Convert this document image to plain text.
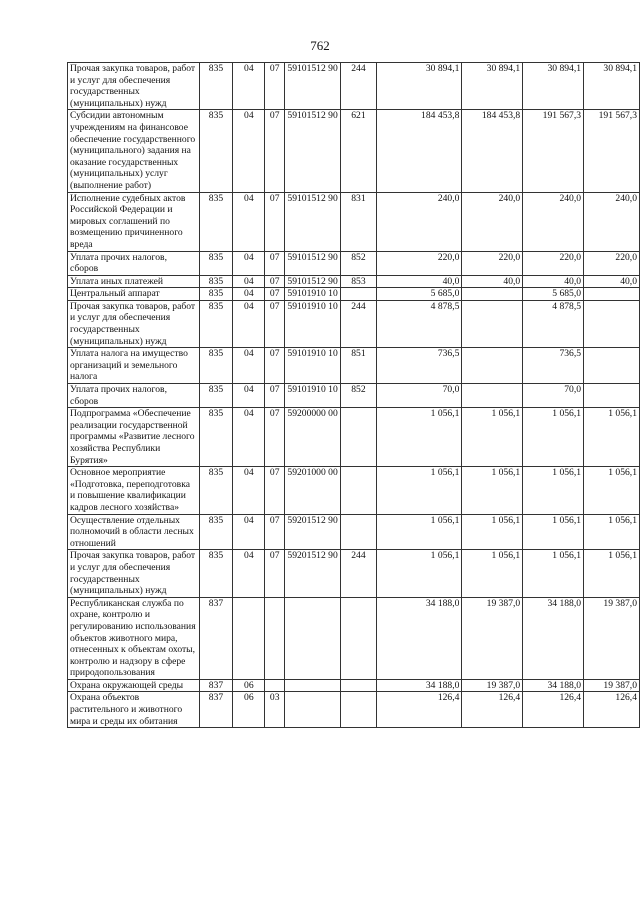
762
Прочая закупка товаров, работ и услуг для обеспечения государственных (муниципальных) нужд	835	04	07	59101512 90	244	30 894,1	30 894,1	30 894,1	30 894,1
Субсидии автономным учреждениям на финансовое обеспечение государственного (муниципального) задания на оказание государственных (муниципальных) услуг (выполнение работ)	835	04	07	59101512 90	621	184 453,8	184 453,8	191 567,3	191 567,3
Исполнение судебных актов Российской Федерации и мировых соглашений по возмещению причиненного вреда	835	04	07	59101512 90	831	240,0	240,0	240,0	240,0
Уплата прочих налогов, сборов	835	04	07	59101512 90	852	220,0	220,0	220,0	220,0
Уплата иных платежей	835	04	07	59101512 90	853	40,0	40,0	40,0	40,0
Центральный аппарат	835	04	07	59101910 10		5 685,0		5 685,0	
Прочая закупка товаров, работ и услуг для обеспечения государственных (муниципальных) нужд	835	04	07	59101910 10	244	4 878,5		4 878,5	
Уплата налога на имущество организаций и земельного налога	835	04	07	59101910 10	851	736,5		736,5	
Уплата прочих налогов, сборов	835	04	07	59101910 10	852	70,0		70,0	
Подпрограмма «Обеспечение реализации государственной программы «Развитие лесного хозяйства Республики Бурятия»	835	04	07	59200000 00		1 056,1	1 056,1	1 056,1	1 056,1
Основное мероприятие «Подготовка, переподготовка и повышение квалификации кадров лесного хозяйства»	835	04	07	59201000 00		1 056,1	1 056,1	1 056,1	1 056,1
Осуществление отдельных полномочий в области лесных отношений	835	04	07	59201512 90		1 056,1	1 056,1	1 056,1	1 056,1
Прочая закупка товаров, работ и услуг для обеспечения государственных (муниципальных) нужд	835	04	07	59201512 90	244	1 056,1	1 056,1	1 056,1	1 056,1
Республиканская служба по охране, контролю и регулированию использования объектов животного мира, отнесенных к объектам охоты, контролю и надзору в сфере природопользования	837					34 188,0	19 387,0	34 188,0	19 387,0
Охрана окружающей среды	837	06				34 188,0	19 387,0	34 188,0	19 387,0
Охрана объектов растительного и животного мира и среды их обитания	837	06	03			126,4	126,4	126,4	126,4
